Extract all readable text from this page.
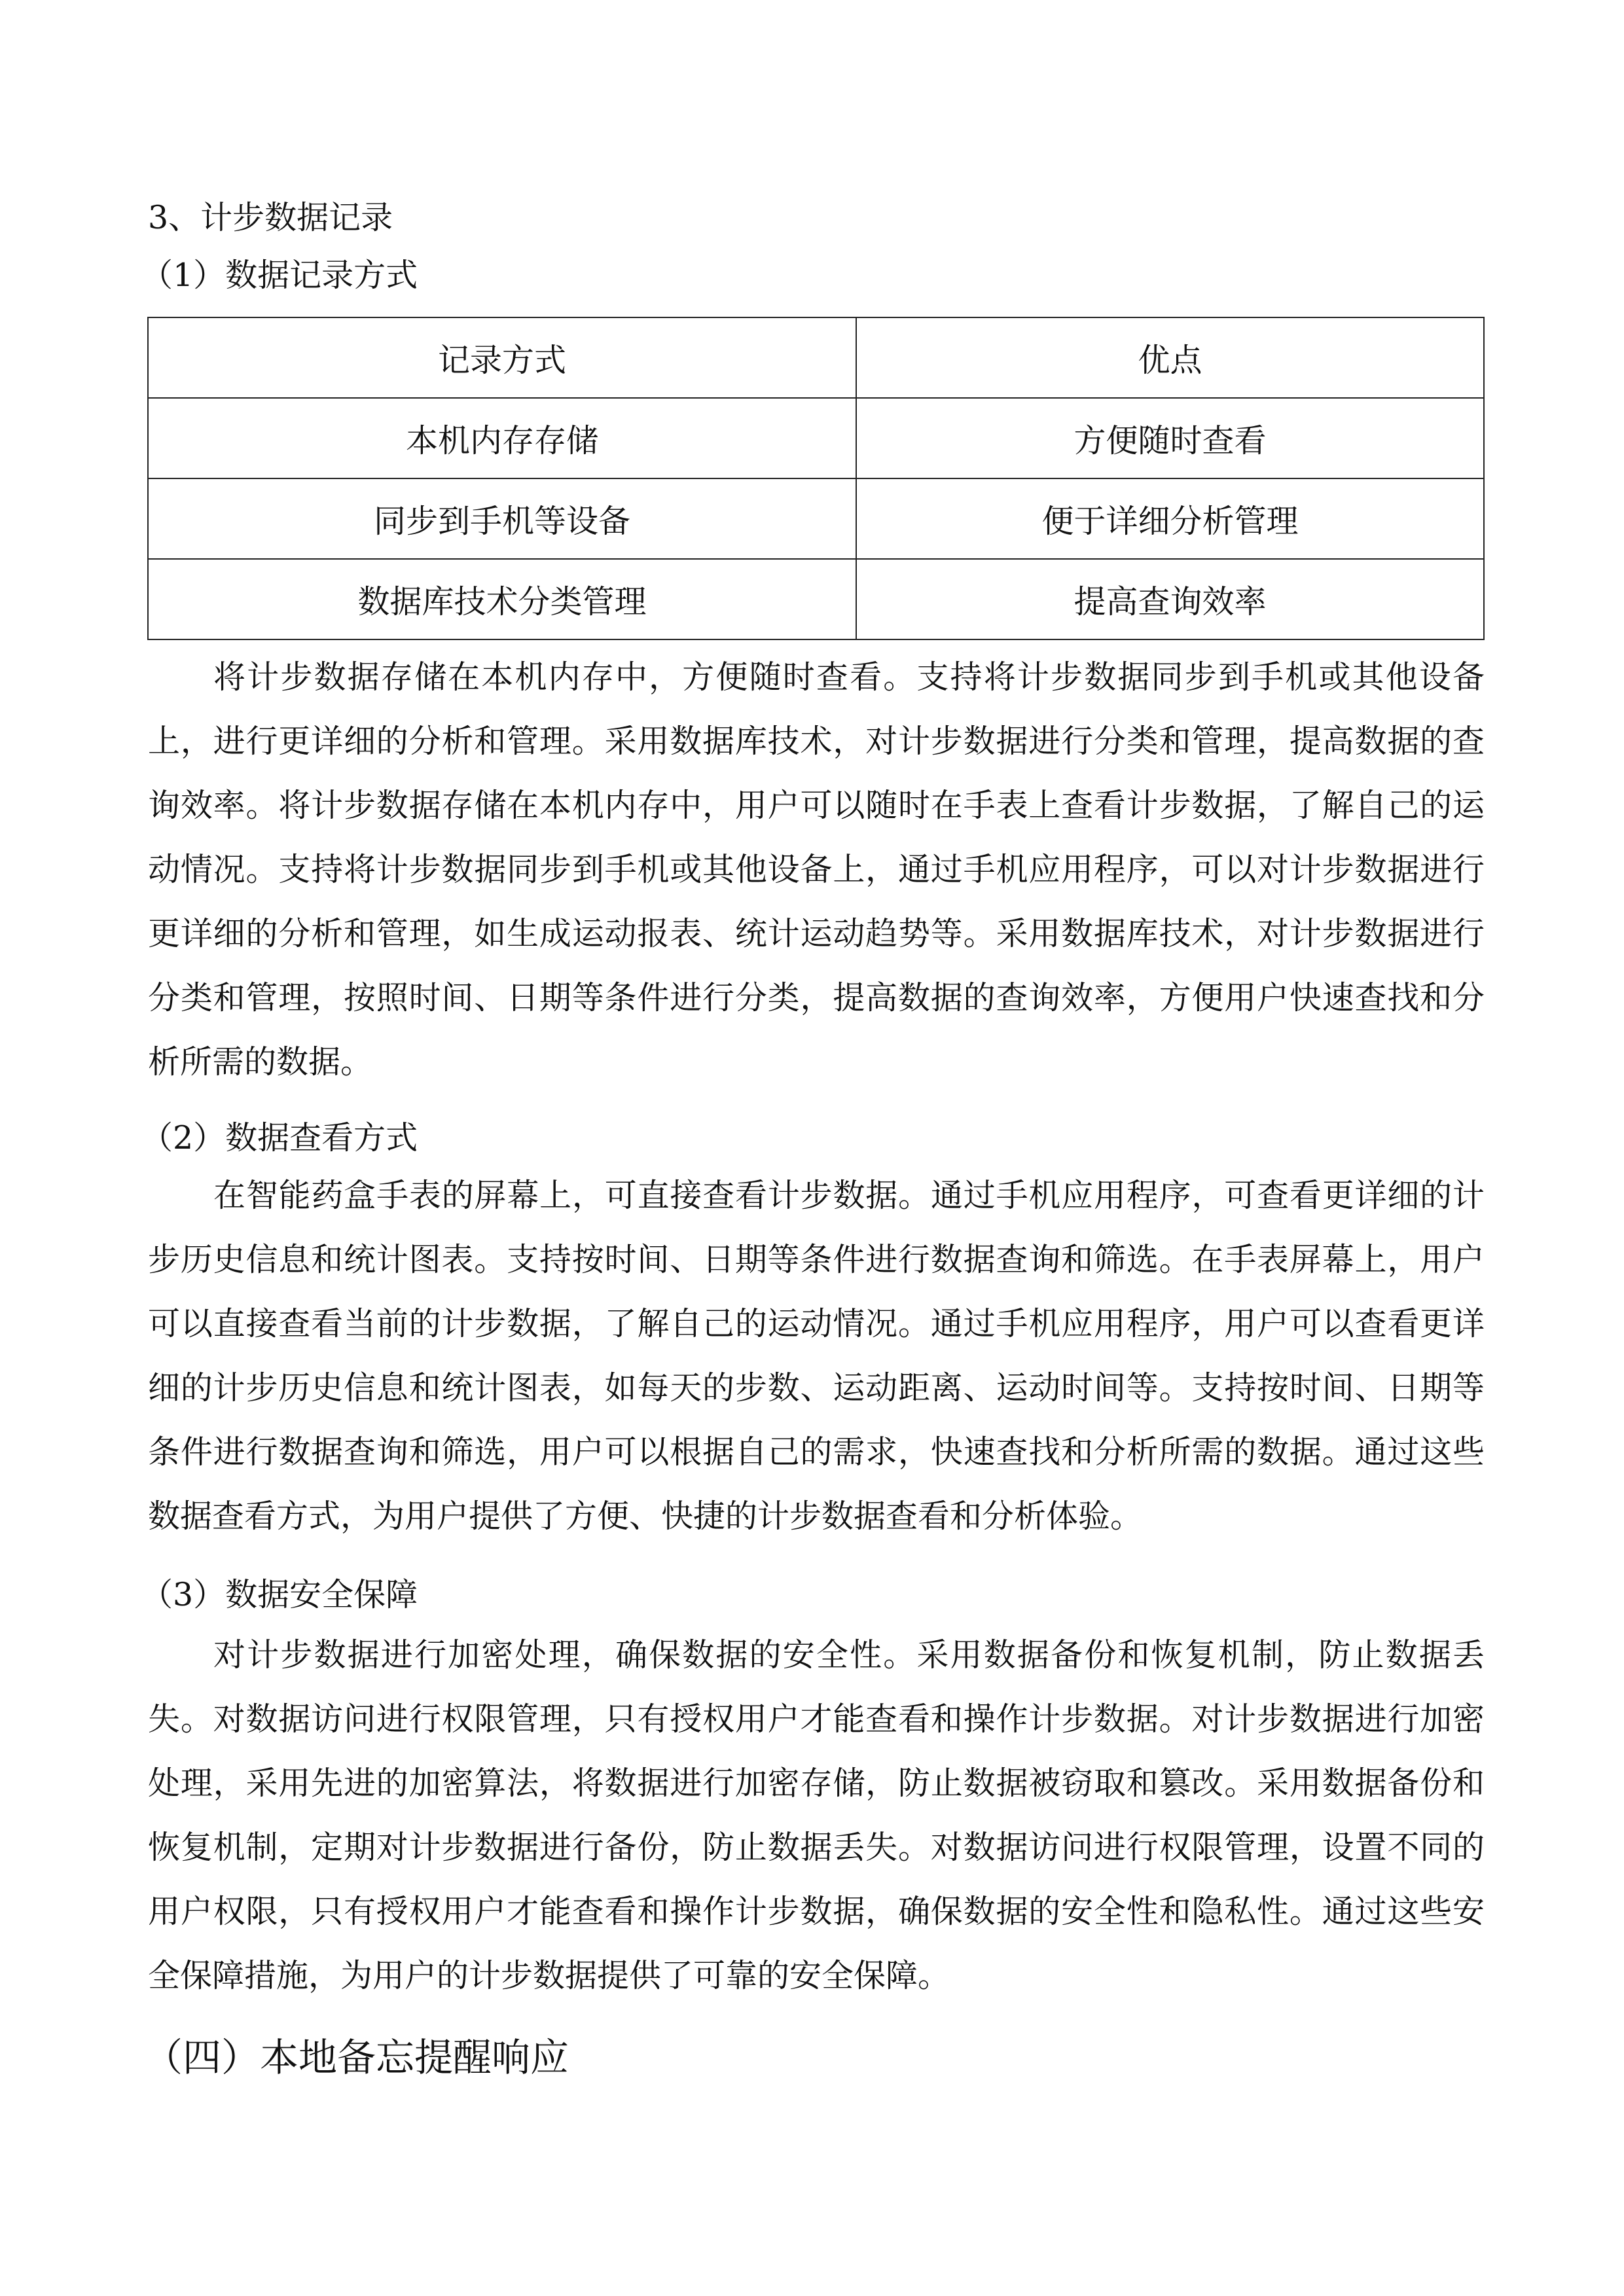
3、计步数据记录
（1）数据记录方式
记录方式	优点
本机内存存储	方便随时查看
同步到手机等设备	便于详细分析管理
数据库技术分类管理	提高查询效率
将计步数据存储在本机内存中，方便随时查看。支持将计步数据同步到手机或其他设备上，进行更详细的分析和管理。采用数据库技术，对计步数据进行分类和管理，提高数据的查询效率。将计步数据存储在本机内存中，用户可以随时在手表上查看计步数据，了解自己的运动情况。支持将计步数据同步到手机或其他设备上，通过手机应用程序，可以对计步数据进行更详细的分析和管理，如生成运动报表、统计运动趋势等。采用数据库技术，对计步数据进行分类和管理，按照时间、日期等条件进行分类，提高数据的查询效率，方便用户快速查找和分析所需的数据。
（2）数据查看方式
在智能药盒手表的屏幕上，可直接查看计步数据。通过手机应用程序，可查看更详细的计步历史信息和统计图表。支持按时间、日期等条件进行数据查询和筛选。在手表屏幕上，用户可以直接查看当前的计步数据，了解自己的运动情况。通过手机应用程序，用户可以查看更详细的计步历史信息和统计图表，如每天的步数、运动距离、运动时间等。支持按时间、日期等条件进行数据查询和筛选，用户可以根据自己的需求，快速查找和分析所需的数据。通过这些数据查看方式，为用户提供了方便、快捷的计步数据查看和分析体验。
（3）数据安全保障
对计步数据进行加密处理，确保数据的安全性。采用数据备份和恢复机制，防止数据丢失。对数据访问进行权限管理，只有授权用户才能查看和操作计步数据。对计步数据进行加密处理，采用先进的加密算法，将数据进行加密存储，防止数据被窃取和篡改。采用数据备份和恢复机制，定期对计步数据进行备份，防止数据丢失。对数据访问进行权限管理，设置不同的用户权限，只有授权用户才能查看和操作计步数据，确保数据的安全性和隐私性。通过这些安全保障措施，为用户的计步数据提供了可靠的安全保障。
（四）本地备忘提醒响应
